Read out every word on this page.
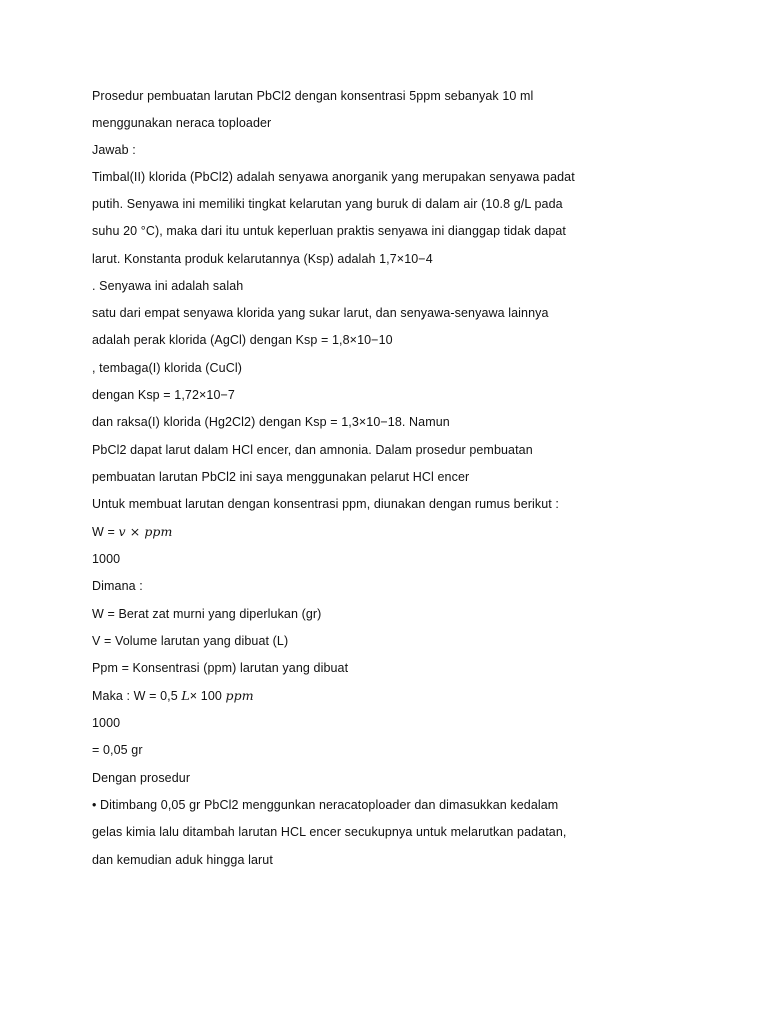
Prosedur pembuatan larutan PbCl2 dengan konsentrasi 5ppm sebanyak 10 ml
menggunakan neraca toploader
Jawab :
Timbal(II) klorida (PbCl2) adalah senyawa anorganik yang merupakan senyawa padat
putih. Senyawa ini memiliki tingkat kelarutan yang buruk di dalam air (10.8 g/L pada
suhu 20 °C), maka dari itu untuk keperluan praktis senyawa ini dianggap tidak dapat
larut. Konstanta produk kelarutannya (Ksp) adalah 1,7×10−4
. Senyawa ini adalah salah
satu dari empat senyawa klorida yang sukar larut, dan senyawa-senyawa lainnya
adalah perak klorida (AgCl) dengan Ksp = 1,8×10−10
, tembaga(I) klorida (CuCl)
dengan Ksp = 1,72×10−7
dan raksa(I) klorida (Hg2Cl2) dengan Ksp = 1,3×10−18. Namun
PbCl2 dapat larut dalam HCl encer, dan amnonia. Dalam prosedur pembuatan
pembuatan larutan PbCl2 ini saya menggunakan pelarut HCl encer
Untuk membuat larutan dengan konsentrasi ppm, diunakan dengan rumus berikut :
W = 𝑣 × 𝑝𝑝𝑚
1000
Dimana :
W = Berat zat murni yang diperlukan (gr)
V = Volume larutan yang dibuat (L)
Ppm = Konsentrasi (ppm) larutan yang dibuat
Maka : W = 0,5 𝐿× 100 𝑝𝑝𝑚
1000
= 0,05 gr
Dengan prosedur
• Ditimbang 0,05 gr PbCl2 menggunkan neracatoploader dan dimasukkan kedalam
gelas kimia lalu ditambah larutan HCL encer secukupnya untuk melarutkan padatan,
dan kemudian aduk hingga larut
